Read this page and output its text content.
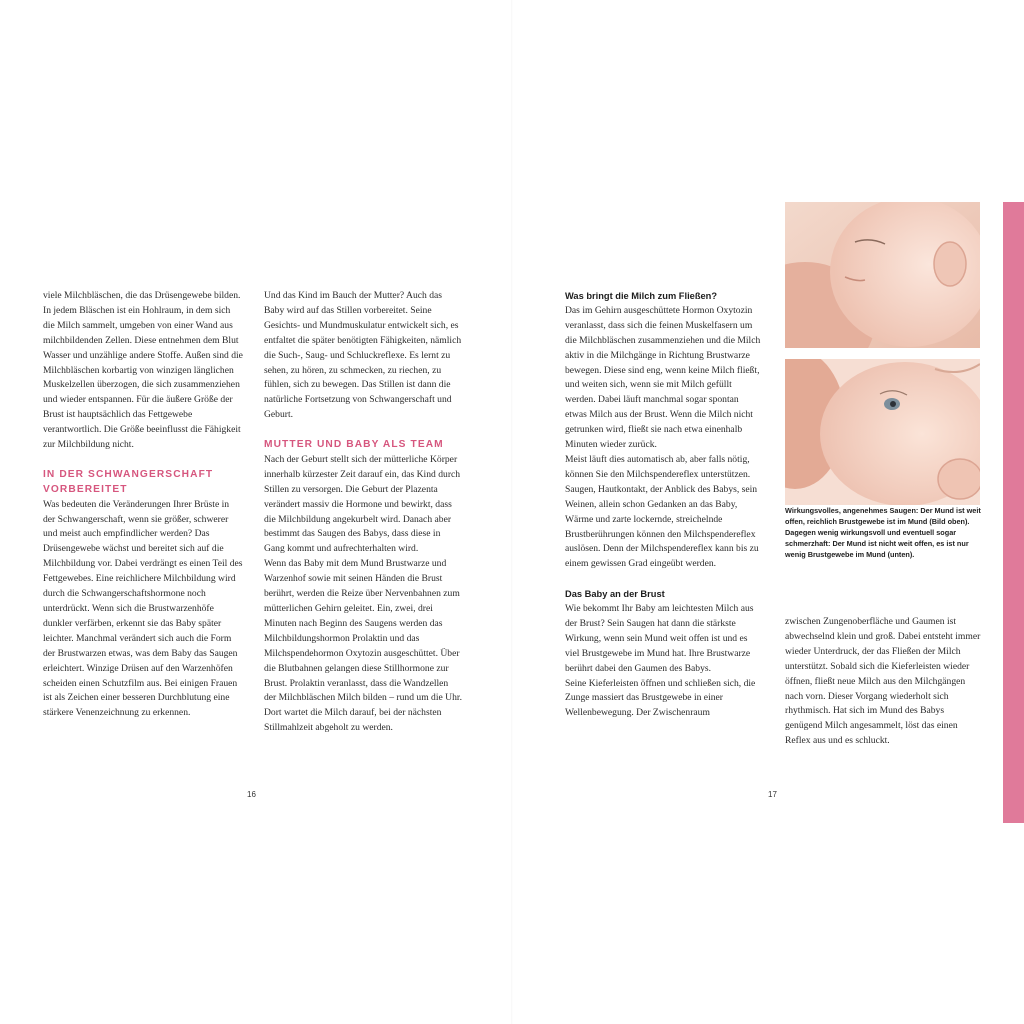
viele Milchbläschen, die das Drüsengewebe bilden. In jedem Bläschen ist ein Hohlraum, in dem sich die Milch sammelt, umgeben von einer Wand aus milchbildenden Zellen. Diese entnehmen dem Blut Wasser und unzählige andere Stoffe. Außen sind die Milchbläschen korbartig von winzigen länglichen Muskelzellen überzogen, die sich zusammenziehen und wieder entspannen. Für die äußere Größe der Brust ist hauptsächlich das Fettgewebe verantwortlich. Die Größe beeinflusst die Fähigkeit zur Milchbildung nicht.

IN DER SCHWANGERSCHAFT VORBEREITET

Was bedeuten die Veränderungen Ihrer Brüste in der Schwangerschaft, wenn sie größer, schwerer und meist auch empfindlicher werden? Das Drüsengewebe wächst und bereitet sich auf die Milchbildung vor. Dabei verdrängt es einen Teil des Fettgewebes. Eine reichlichere Milchbildung wird durch die Schwangerschaftshormone noch unterdrückt. Wenn sich die Brustwarzenhöfe dunkler verfärben, erkennt sie das Baby später leichter. Manchmal verändert sich auch die Form der Brustwarzen etwas, was dem Baby das Saugen erleichtert. Winzige Drüsen auf den Warzenhöfen scheiden einen Schutzfilm aus. Bei einigen Frauen ist als Zeichen einer besseren Durchblutung eine stärkere Venenzeichnung zu erkennen.

Und das Kind im Bauch der Mutter? Auch das Baby wird auf das Stillen vorbereitet. Seine Gesichts- und Mundmuskulatur entwickelt sich, es entfaltet die später benötigten Fähigkeiten, nämlich die Such-, Saug- und Schluckreflexe. Es lernt zu sehen, zu hören, zu schmecken, zu riechen, zu fühlen, sich zu bewegen. Das Stillen ist dann die natürliche Fortsetzung von Schwangerschaft und Geburt.

MUTTER UND BABY ALS TEAM

Nach der Geburt stellt sich der mütterliche Körper innerhalb kürzester Zeit darauf ein, das Kind durch Stillen zu versorgen. Die Geburt der Plazenta verändert massiv die Hormone und bewirkt, dass die Milchbildung angekurbelt wird. Danach aber bestimmt das Saugen des Babys, dass diese in Gang kommt und aufrechterhalten wird.

Wenn das Baby mit dem Mund Brustwarze und Warzenhof sowie mit seinen Händen die Brust berührt, werden die Reize über Nervenbahnen zum mütterlichen Gehirn geleitet. Ein, zwei, drei Minuten nach Beginn des Saugens werden das Milchbildungshormon Prolaktin und das Milchspendehormon Oxytozin ausgeschüttet. Über die Blutbahnen gelangen diese Stillhormone zur Brust. Prolaktin veranlasst, dass die Wandzellen der Milchbläschen Milch bilden – rund um die Uhr. Dort wartet die Milch darauf, bei der nächsten Stillmahlzeit abgeholt zu werden.

16
Was bringt die Milch zum Fließen?

Das im Gehirn ausgeschüttete Hormon Oxytozin veranlasst, dass sich die feinen Muskelfasern um die Milchbläschen zusammenziehen und die Milch aktiv in die Milchgänge in Richtung Brustwarze bewegen. Diese sind eng, wenn keine Milch fließt, und weiten sich, wenn sie mit Milch gefüllt werden. Dabei läuft manchmal sogar spontan etwas Milch aus der Brust. Wenn die Milch nicht getrunken wird, fließt sie nach etwa einenhalb Minuten wieder zurück.

Meist läuft dies automatisch ab, aber falls nötig, können Sie den Milchspendereflex unterstützen. Saugen, Hautkontakt, der Anblick des Babys, sein Weinen, allein schon Gedanken an das Baby, Wärme und zarte lockernde, streichelnde Brustberührungen können den Milchspendereflex auslösen. Denn der Milchspendereflex kann bis zu einem gewissen Grad eingeübt werden.

Das Baby an der Brust

Wie bekommt Ihr Baby am leichtesten Milch aus der Brust? Sein Saugen hat dann die stärkste Wirkung, wenn sein Mund weit offen ist und es viel Brustgewebe im Mund hat. Ihre Brustwarze berührt dabei den Gaumen des Babys.

Seine Kieferleisten öffnen und schließen sich, die Zunge massiert das Brustgewebe in einer Wellenbewegung. Der Zwischenraum

zwischen Zungenoberfläche und Gaumen ist abwechselnd klein und groß. Dabei entsteht immer wieder Unterdruck, der das Fließen der Milch unterstützt. Sobald sich die Kieferleisten wieder öffnen, fließt neue Milch aus den Milchgängen nach vorn. Dieser Vorgang wiederholt sich rhythmisch. Hat sich im Mund des Babys genügend Milch angesammelt, löst das einen Reflex aus und es schluckt.

Wirkungsvolles, angenehmes Saugen: Der Mund ist weit offen, reichlich Brustgewebe ist im Mund (Bild oben). Dagegen wenig wirkungsvoll und eventuell sogar schmerzhaft: Der Mund ist nicht weit offen, es ist nur wenig Brustgewebe im Mund (unten).
17
